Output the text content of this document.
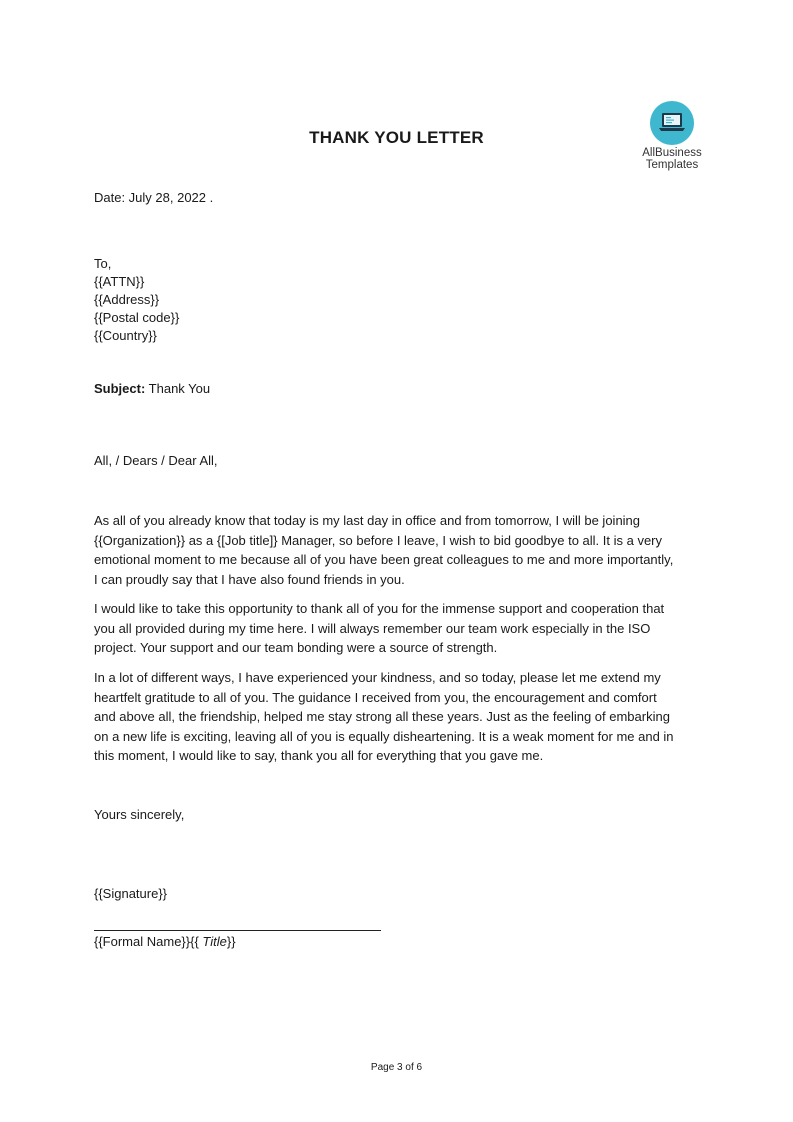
AllBusiness
Templates
THANK YOU LETTER
Date: July 28, 2022 .
To,
{{ATTN}}
{{Address}}
{{Postal code}}
{{Country}}
Subject: Thank You
All, / Dears / Dear All,
As all of you already know that today is my last day in office and from tomorrow, I will be joining
{{Organization}} as a {[Job title]} Manager, so before I leave, I wish to bid goodbye to all. It is a very
emotional moment to me because all of you have been great colleagues to me and more importantly,
I can proudly say that I have also found friends in you.
I would like to take this opportunity to thank all of you for the immense support and cooperation that
you all provided during my time here. I will always remember our team work especially in the ISO
project. Your support and our team bonding were a source of strength.
In a lot of different ways, I have experienced your kindness, and so today, please let me extend my
heartfelt gratitude to all of you. The guidance I received from you, the encouragement and comfort
and above all, the friendship, helped me stay strong all these years. Just as the feeling of embarking
on a new life is exciting, leaving all of you is equally disheartening. It is a weak moment for me and in
this moment, I would like to say, thank you all for everything that you gave me.
Yours sincerely,
{{Signature}}
{{Formal Name}}{{ Title}}
Page 3 of 6
